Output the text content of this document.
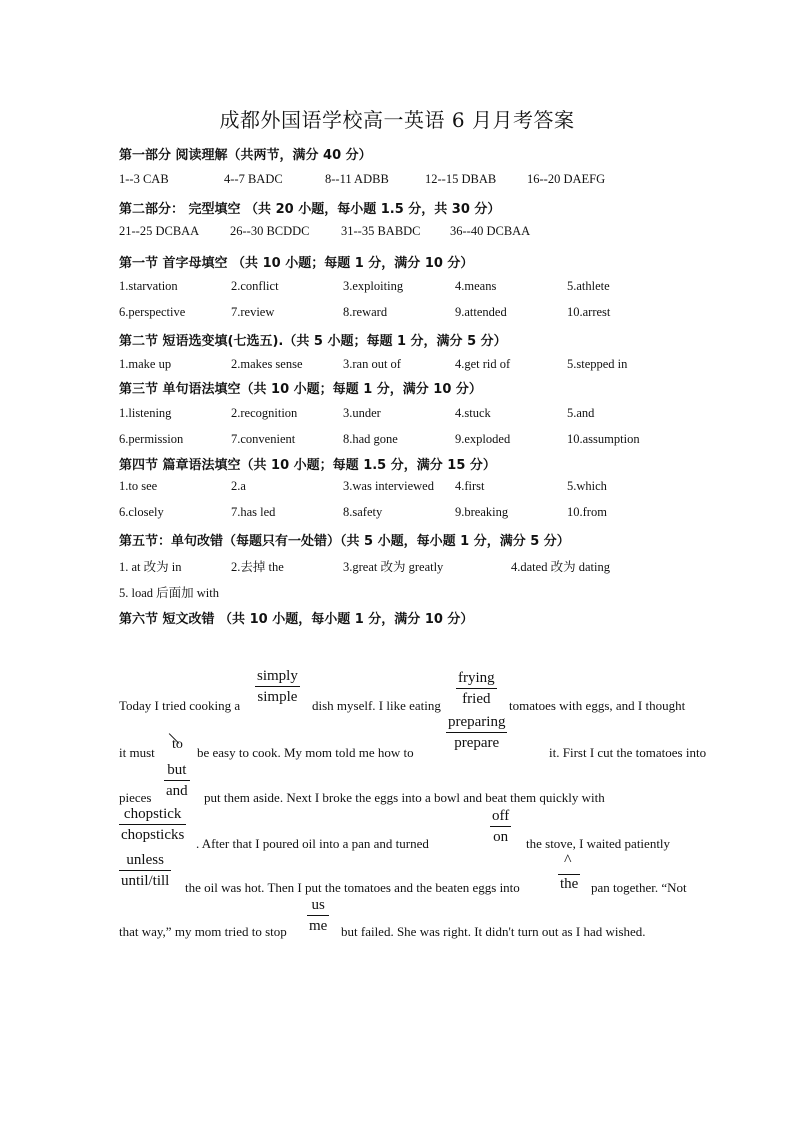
成都外国语学校高一英语 6 月月考答案
第一部分 阅读理解（共两节，满分 40 分）
1--3 CAB	4--7 BADC	8--11 ADBB	12--15 DBAB 16--20 DAEFG
第二部分： 完型填空 （共 20 小题，每小题 1.5 分，共 30 分）
21--25 DCBAA 26--30 BCDDC	31--35 BABDC 36--40 DCBAA
第一节 首字母填空 （共 10 小题；每题 1 分，满分 10 分）
1.starvation	2.conflict	3.exploiting	4.means	5.athlete
6.perspective	7.review	8.reward	9.attended	10.arrest
第二节 短语选变填(七选五).（共 5 小题；每题 1 分，满分 5 分）
1.make up	2.makes sense	3.ran out of	4.get rid of	5.stepped in
第三节 单句语法填空（共 10 小题；每题 1 分，满分 10 分）
1.listening	2.recognition	3.under	4.stuck	5.and
6.permission	7.convenient	8.had gone	9.exploded	10.assumption
第四节 篇章语法填空（共 10 小题；每题 1.5 分，满分 15 分）
1.to see	2.a	3.was interviewed 4.first	5.which
6.closely	7.has led	8.safety	9.breaking	10.from
第五节：单句改错（每题只有一处错）（共 5 小题，每小题 1 分，满分 5 分）
1. at 改为 in	2.去掉 the	3.great 改为 greatly	4.dated 改为 dating
5. load 后面加 with
第六节 短文改错 （共 10 小题，每小题 1 分，满分 10 分）
Today I tried cooking a	dish myself. I like eating	tomatoes with eggs, and I thought
simply
simple
frying
fried
it must	be easy to cook. My mom told me how to	it. First I cut the tomatoes into
to
preparing
prepare
pieces	put them aside. Next I broke the eggs into a bowl and beat them quickly with
but
and
chopstick
chopsticks
. After that I poured oil into a pan and turned	the stove, I waited patiently
off
on
unless
until/till the oil was hot. Then I put the tomatoes and the beaten eggs into	pan together. “Not
^
the
that way,” my mom tried to stop	but failed. She was right. It didn't turn out as I had wished.
us
me
